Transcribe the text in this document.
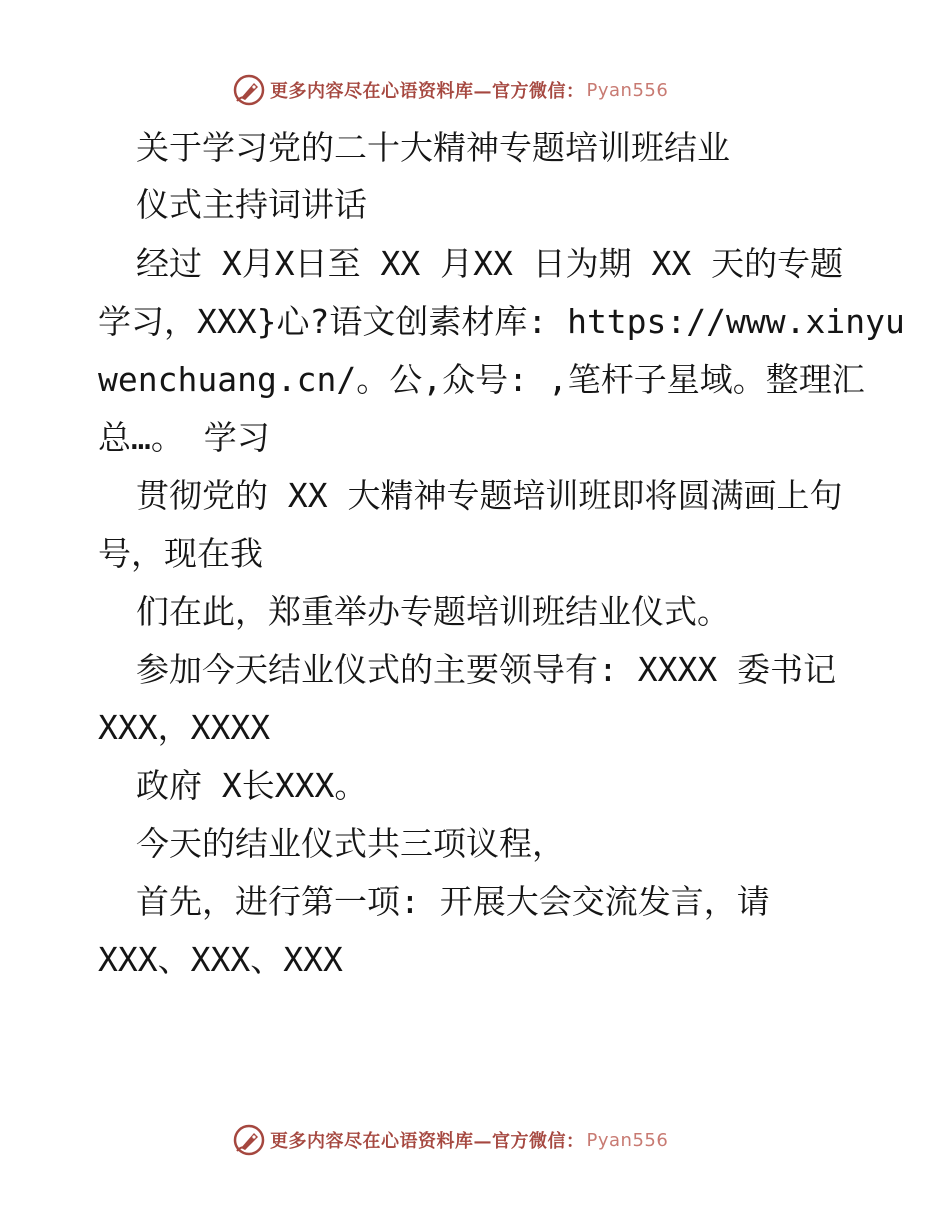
更多内容尽在心语资料库—官方微信： Pyan556
关于学习党的二十大精神专题培训班结业
仪式主持词讲话
经过 X月X日至 XX 月XX 日为期 XX 天的专题
学习，XXX}心?语文创素材库: https://www.xinyu
wenchuang.cn/。公,众号: ,笔杆子星域。整理汇
总…。 学习
贯彻党的 XX 大精神专题培训班即将圆满画上句
号，现在我
们在此，郑重举办专题培训班结业仪式。
参加今天结业仪式的主要领导有: XXXX 委书记
XXX，XXXX
政府 X长XXX。
今天的结业仪式共三项议程，
首先，进行第一项: 开展大会交流发言，请
XXX、XXX、XXX
更多内容尽在心语资料库—官方微信： Pyan556
